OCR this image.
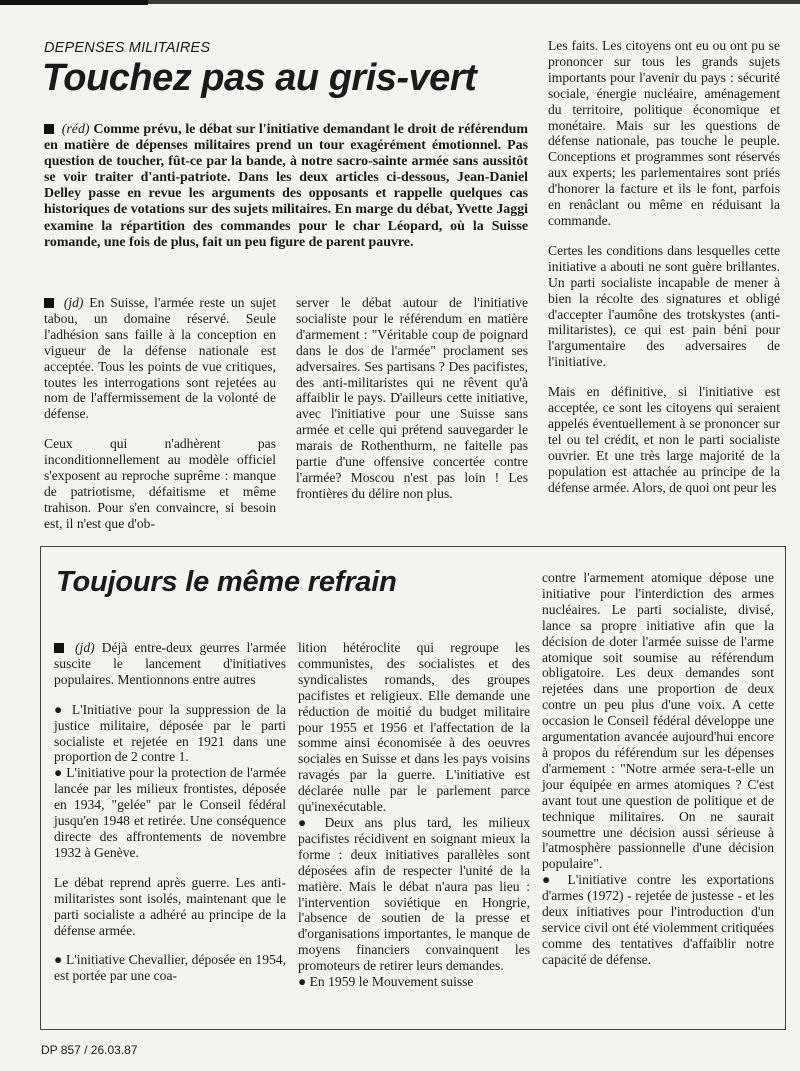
DEPENSES MILITAIRES
Touchez pas au gris-vert
(réd) Comme prévu, le débat sur l'initiative demandant le droit de référendum en matière de dépenses militaires prend un tour exagérément émotionnel. Pas question de toucher, fût-ce par la bande, à notre sacro-sainte armée sans aussitôt se voir traiter d'anti-patriote. Dans les deux articles ci-dessous, Jean-Daniel Delley passe en revue les arguments des opposants et rappelle quelques cas historiques de votations sur des sujets militaires. En marge du débat, Yvette Jaggi examine la répartition des commandes pour le char Léopard, où la Suisse romande, une fois de plus, fait un peu figure de parent pauvre.

(jd) En Suisse, l'armée reste un sujet tabou, un domaine réservé. Seule l'adhésion sans faille à la conception en vigueur de la défense nationale est acceptée. Tous les points de vue critiques, toutes les interrogations sont rejetées au nom de l'affermissement de la volonté de défense.

Ceux qui n'adhèrent pas inconditionnellement au modèle officiel s'exposent au reproche suprême : manque de patriotisme, défaitisme et même trahison. Pour s'en convaincre, si besoin est, il n'est que d'ob-

server le débat autour de l'initiative socialiste pour le référendum en matière d'armement : "Véritable coup de poignard dans le dos de l'armée" proclament ses adversaires. Ses partisans ? Des pacifistes, des anti-militaristes qui ne rêvent qu'à affaiblir le pays. D'ailleurs cette initiative, avec l'initiative pour une Suisse sans armée et celle qui prétend sauvegarder le marais de Rothenthurm, ne faitelle pas partie d'une offensive concertée contre l'armée? Moscou n'est pas loin ! Les frontières du délire non plus.

Les faits. Les citoyens ont eu ou ont pu se prononcer sur tous les grands sujets importants pour l'avenir du pays : sécurité sociale, énergie nucléaire, aménagement du territoire, politique économique et monétaire. Mais sur les questions de défense nationale, pas touche le peuple. Conceptions et programmes sont réservés aux experts; les parlementaires sont priés d'honorer la facture et ils le font, parfois en renâclant ou même en réduisant la commande.

Certes les conditions dans lesquelles cette initiative a abouti ne sont guère brillantes. Un parti socialiste incapable de mener à bien la récolte des signatures et obligé d'accepter l'aumône des trotskystes (anti-militaristes), ce qui est pain béni pour l'argumentaire des adversaires de l'initiative.

Mais en définitive, si l'initiative est acceptée, ce sont les citoyens qui seraient appelés éventuellement à se prononcer sur tel ou tel crédit, et non le parti socialiste ouvrier. Et une très large majorité de la population est attachée au principe de la défense armée. Alors, de quoi ont peur les

Toujours le même refrain

(jd) Déjà entre-deux geurres l'armée suscite le lancement d'initiatives populaires. Mentionnons entre autres

● L'Initiative pour la suppression de la justice militaire, déposée par le parti socialiste et rejetée en 1921 dans une proportion de 2 contre 1.

● L'initiative pour la protection de l'armée lancée par les milieux frontistes, déposée en 1934, "gelée" par le Conseil fédéral jusqu'en 1948 et retirée. Une conséquence directe des affrontements de novembre 1932 à Genève.

Le débat reprend après guerre. Les anti-militaristes sont isolés, maintenant que le parti socialiste a adhéré au principe de la défense armée.

● L'initiative Chevallier, déposée en 1954, est portée par une coa-

lition hétéroclite qui regroupe les communistes, des socialistes et des syndicalistes romands, des groupes pacifistes et religieux. Elle demande une réduction de moitié du budget militaire pour 1955 et 1956 et l'affectation de la somme ainsi économisée à des oeuvres sociales en Suisse et dans les pays voisins ravagés par la guerre. L'initiative est déclarée nulle par le parlement parce qu'inexécutable.

● Deux ans plus tard, les milieux pacifistes récidivent en soignant mieux la forme : deux initiatives parallèles sont déposées afin de respecter l'unité de la matière. Mais le débat n'aura pas lieu : l'intervention soviétique en Hongrie, l'absence de soutien de la presse et d'organisations importantes, le manque de moyens financiers convainquent les promoteurs de retirer leurs demandes.

● En 1959 le Mouvement suisse

contre l'armement atomique dépose une initiative pour l'interdiction des armes nucléaires. Le parti socialiste, divisé, lance sa propre initiative afin que la décision de doter l'armée suisse de l'arme atomique soit soumise au référendum obligatoire. Les deux demandes sont rejetées dans une proportion de deux contre un peu plus d'une voix. A cette occasion le Conseil fédéral développe une argumentation avancée aujourd'hui encore à propos du référendum sur les dépenses d'armement : "Notre armée sera-t-elle un jour équipée en armes atomiques ? C'est avant tout une question de politique et de technique militaires. On ne saurait soumettre une décision aussi sérieuse à l'atmosphère passionnelle d'une décision populaire".

● L'initiative contre les exportations d'armes (1972) - rejetée de justesse - et les deux initiatives pour l'introduction d'un service civil ont été violemment critiquées comme des tentatives d'affaiblir notre capacité de défense.

DP 857 / 26.03.87
